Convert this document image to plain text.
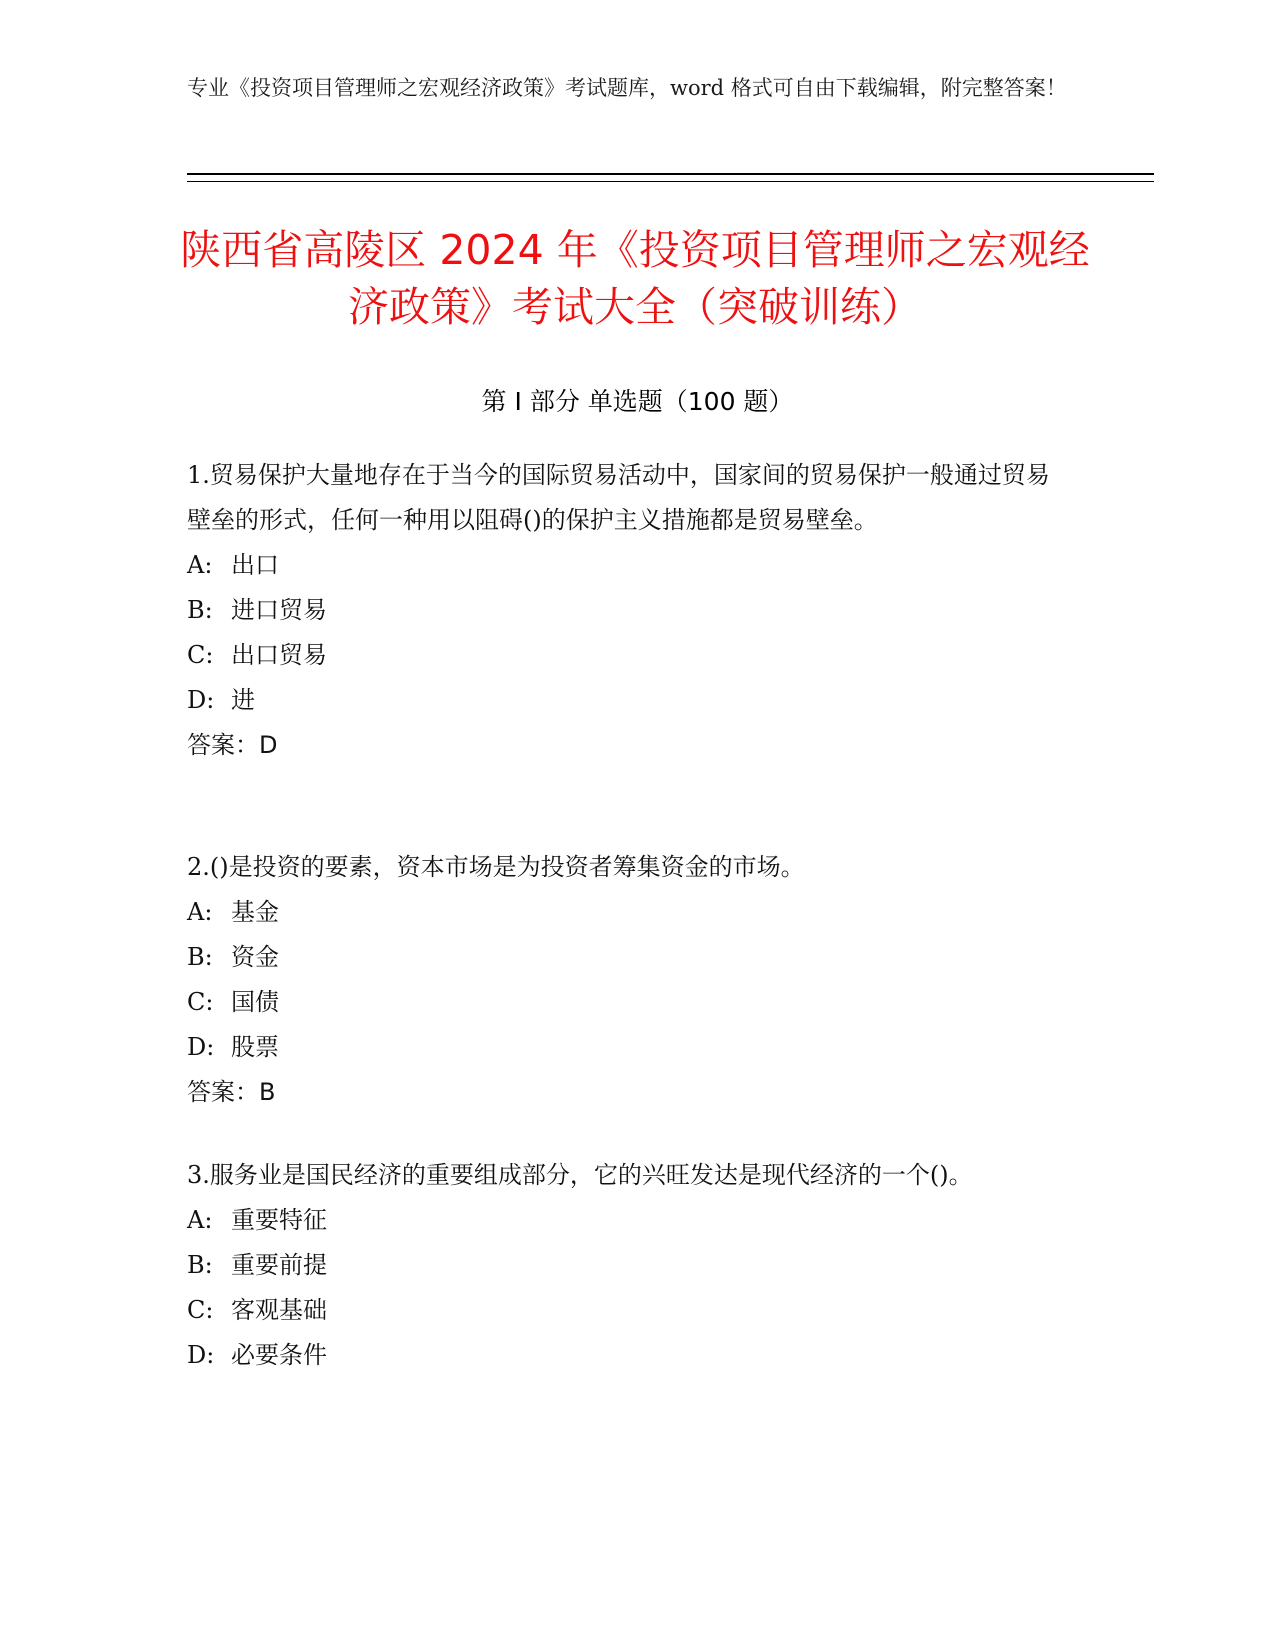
专业《投资项目管理师之宏观经济政策》考试题库，word 格式可自由下载编辑，附完整答案！
陕西省高陵区 2024 年《投资项目管理师之宏观经济政策》考试大全（突破训练）
第 I 部分 单选题（100 题）

1.贸易保护大量地存在于当今的国际贸易活动中，国家间的贸易保护一般通过贸易壁垒的形式，任何一种用以阻碍()的保护主义措施都是贸易壁垒。

A: 出口
B: 进口贸易
C: 出口贸易
D: 进
答案：D

2.()是投资的要素，资本市场是为投资者筹集资金的市场。

A: 基金
B: 资金
C: 国债
D: 股票
答案：B

3.服务业是国民经济的重要组成部分，它的兴旺发达是现代经济的一个()。

A: 重要特征
B: 重要前提
C: 客观基础
D: 必要条件
